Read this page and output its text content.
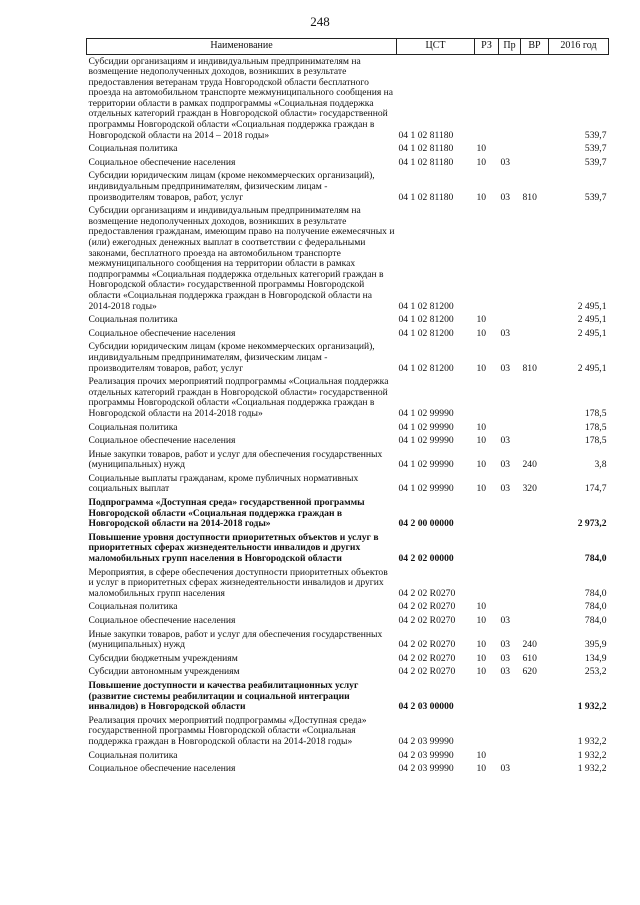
248
Наименование	ЦСТ	РЗ	Пр	ВР	2016 год
Субсидии организациям и индивидуальным предпринимателям на возмещение недополученных доходов, возникших в результате предоставления ветеранам труда Новгородской области бесплатного проезда на автомобильном транспорте межмуниципального сообщения на территории области в рамках подпрограммы «Социальная поддержка отдельных категорий граждан в Новгородской области» государственной программы Новгородской области «Социальная поддержка граждан в Новгородской области на 2014 – 2018 годы»	04 1 02 81180				539,7
Социальная политика	04 1 02 81180	10			539,7
Социальное обеспечение населения	04 1 02 81180	10	03		539,7
Субсидии юридическим лицам (кроме некоммерческих организаций), индивидуальным предпринимателям, физическим лицам - производителям товаров, работ, услуг	04 1 02 81180	10	03	810	539,7
Субсидии организациям и индивидуальным предпринимателям на возмещение недополученных доходов, возникших в результате предоставления гражданам, имеющим право на получение ежемесячных и (или) ежегодных денежных выплат в соответствии с федеральными законами, бесплатного проезда на автомобильном транспорте межмуниципального сообщения на территории области в рамках подпрограммы «Социальная поддержка отдельных категорий граждан в Новгородской области» государственной программы Новгородской области «Социальная поддержка граждан в Новгородской области на 2014-2018 годы»	04 1 02 81200				2 495,1
Социальная политика	04 1 02 81200	10			2 495,1
Социальное обеспечение населения	04 1 02 81200	10	03		2 495,1
Субсидии юридическим лицам (кроме некоммерческих организаций), индивидуальным предпринимателям, физическим лицам - производителям товаров, работ, услуг	04 1 02 81200	10	03	810	2 495,1
Реализация прочих мероприятий подпрограммы «Социальная поддержка отдельных категорий граждан в Новгородской области» государственной программы Новгородской области «Социальная поддержка граждан в Новгородской области на 2014-2018 годы»	04 1 02 99990				178,5
Социальная политика	04 1 02 99990	10			178,5
Социальное обеспечение населения	04 1 02 99990	10	03		178,5
Иные закупки товаров, работ и услуг для обеспечения государственных (муниципальных) нужд	04 1 02 99990	10	03	240	3,8
Социальные выплаты гражданам, кроме публичных нормативных социальных выплат	04 1 02 99990	10	03	320	174,7
Подпрограмма «Доступная среда» государственной программы Новгородской области «Социальная поддержка граждан в Новгородской области на 2014-2018 годы»	04 2 00 00000				2 973,2
Повышение уровня доступности приоритетных объектов и услуг в приоритетных сферах жизнедеятельности инвалидов и других маломобильных групп населения в Новгородской области	04 2 02 00000				784,0
Мероприятия, в сфере обеспечения доступности приоритетных объектов и услуг в приоритетных сферах жизнедеятельности инвалидов и других маломобильных групп населения	04 2 02 R0270				784,0
Социальная политика	04 2 02 R0270	10			784,0
Социальное обеспечение населения	04 2 02 R0270	10	03		784,0
Иные закупки товаров, работ и услуг для обеспечения государственных (муниципальных) нужд	04 2 02 R0270	10	03	240	395,9
Субсидии бюджетным учреждениям	04 2 02 R0270	10	03	610	134,9
Субсидии автономным учреждениям	04 2 02 R0270	10	03	620	253,2
Повышение доступности и качества реабилитационных услуг (развитие системы реабилитации и социальной интеграции инвалидов) в Новгородской области	04 2 03 00000				1 932,2
Реализация прочих мероприятий подпрограммы «Доступная среда» государственной программы Новгородской области «Социальная поддержка граждан в Новгородской области на 2014-2018 годы»	04 2 03 99990				1 932,2
Социальная политика	04 2 03 99990	10			1 932,2
Социальное обеспечение населения	04 2 03 99990	10	03		1 932,2
